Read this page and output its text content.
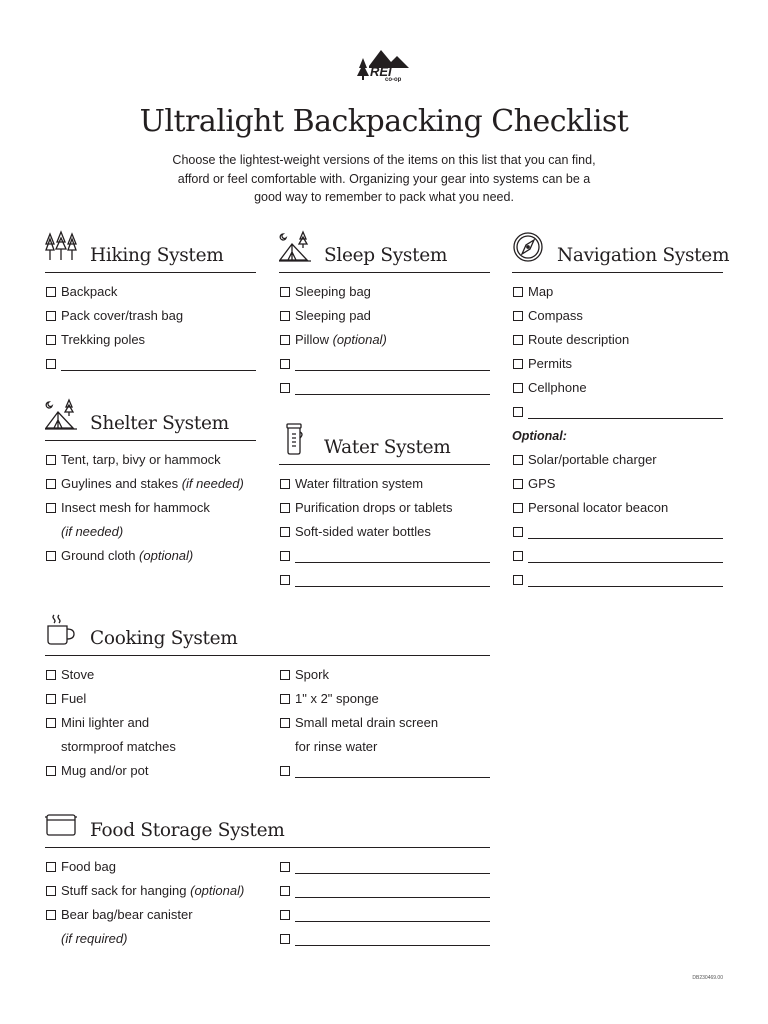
REI
co-op
Ultralight Backpacking Checklist
Choose the lightest-weight versions of the items on this list that you can find, afford or feel comfortable with. Organizing your gear into systems can be a good way to remember to pack what you need.
Hiking System
Backpack
Pack cover/trash bag
Trekking poles
Shelter System
Tent, tarp, bivy or hammock
Guylines and stakes (if needed)
Insect mesh for hammock
(if needed)
Ground cloth (optional)
Sleep System
Sleeping bag
Sleeping pad
Pillow (optional)
Water System
Water filtration system
Purification drops or tablets
Soft-sided water bottles
Navigation System
Map
Compass
Route description
Permits
Cellphone
Optional:
Solar/portable charger
GPS
Personal locator beacon
Cooking System
Stove
Fuel
Mini lighter and
stormproof matches
Mug and/or pot
Spork
1" x 2" sponge
Small metal drain screen
for rinse water
Food Storage System
Food bag
Stuff sack for hanging (optional)
Bear bag/bear canister
(if required)
DB230469.00
